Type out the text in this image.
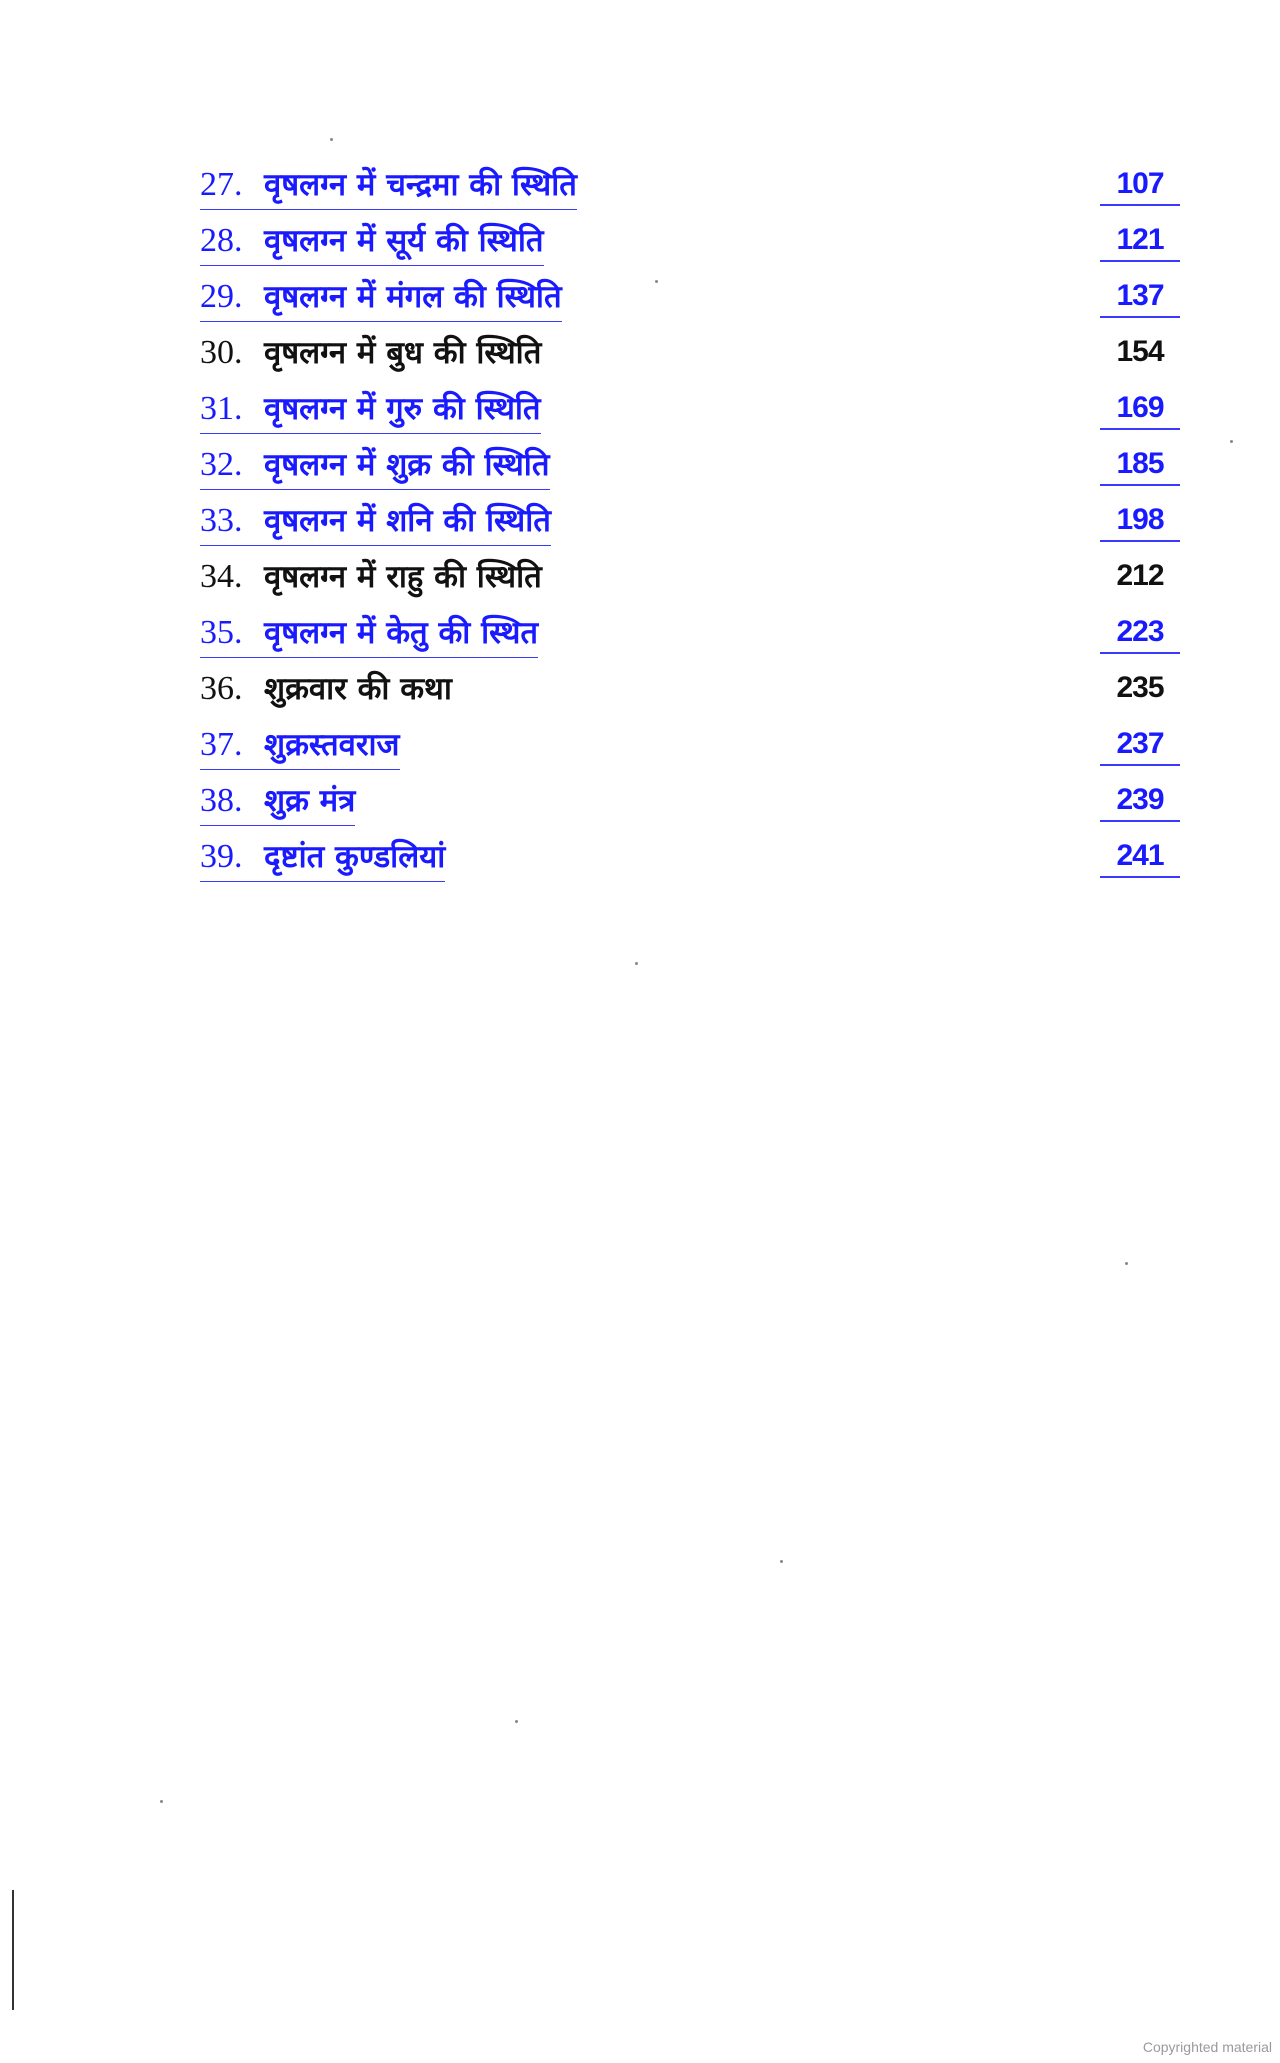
27. वृषलग्न में चन्द्रमा की स्थिति	107
28. वृषलग्न में सूर्य की स्थिति	121
29. वृषलग्न में मंगल की स्थिति	137
30. वृषलग्न में बुध की स्थिति	154
31. वृषलग्न में गुरु की स्थिति	169
32. वृषलग्न में शुक्र की स्थिति	185
33. वृषलग्न में शनि की स्थिति	198
34. वृषलग्न में राहु की स्थिति	212
35. वृषलग्न में केतु की स्थित	223
36. शुक्रवार की कथा	235
37. शुक्रस्तवराज	237
38. शुक्र मंत्र	239
39. दृष्टांत कुण्डलियां	241
Copyrighted material
